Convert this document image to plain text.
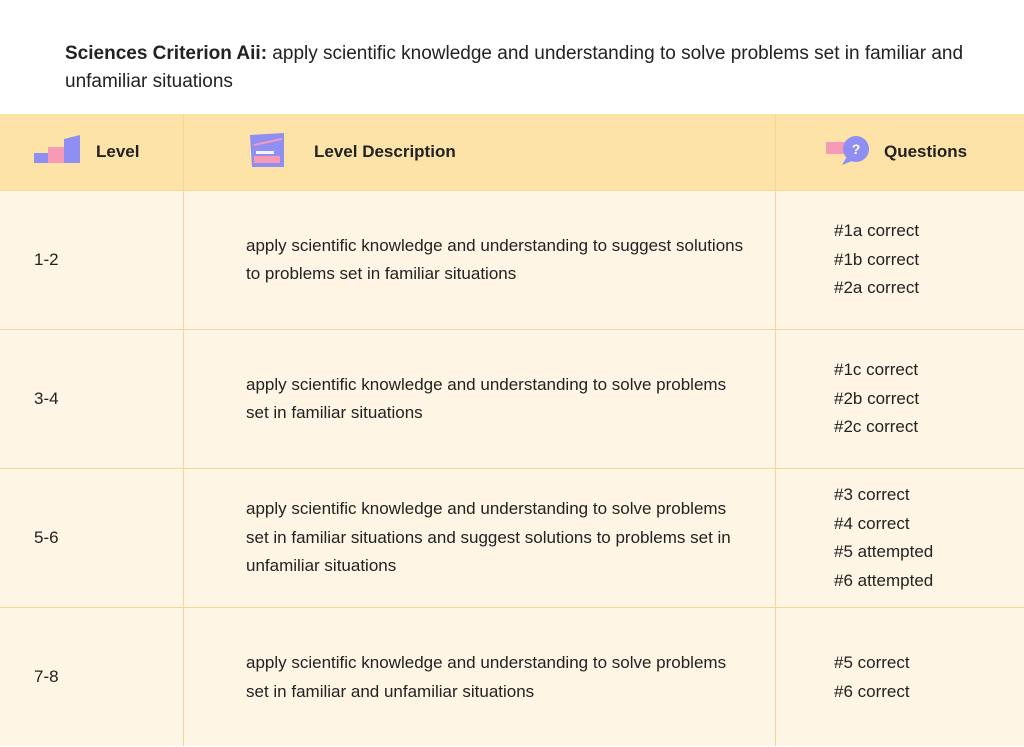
Sciences Criterion Aii: apply scientific knowledge and understanding to solve problems set in familiar and unfamiliar situations
Level	Level Description	? Questions
1-2
apply scientific knowledge and understanding to suggest solutions to problems set in familiar situations
#1a correct
#1b correct
#2a correct
3-4
apply scientific knowledge and understanding to solve problems set in familiar situations
#1c correct
#2b correct
#2c correct
5-6
apply scientific knowledge and understanding to solve problems set in familiar situations and suggest solutions to problems set in unfamiliar situations
#3 correct
#4 correct
#5 attempted
#6 attempted
7-8
apply scientific knowledge and understanding to solve problems set in familiar and unfamiliar situations
#5 correct
#6 correct
